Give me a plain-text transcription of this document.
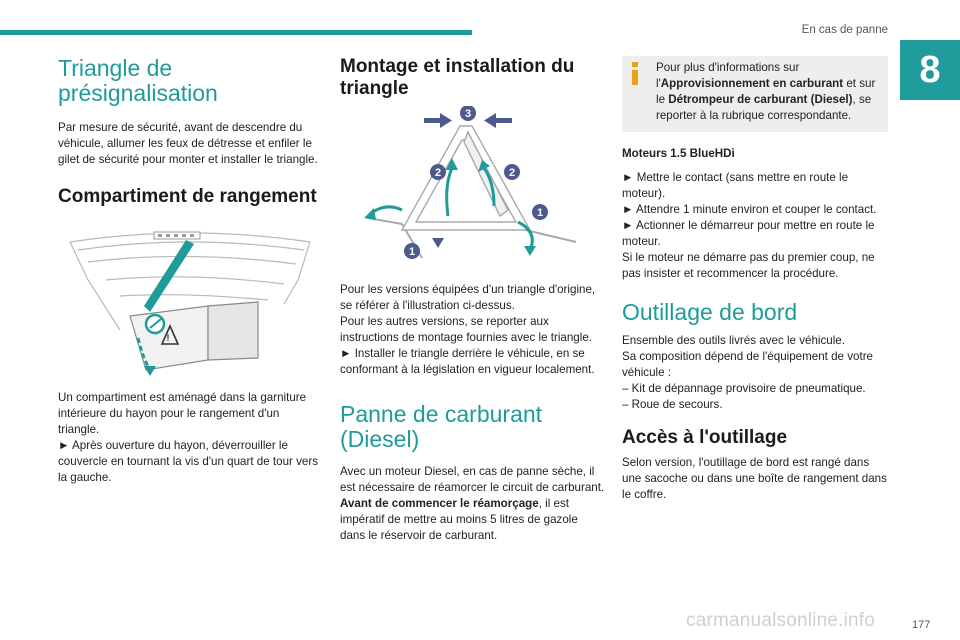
En cas de panne
8
Triangle de présignalisation

Par mesure de sécurité, avant de descendre du véhicule, allumer les feux de détresse et enfiler le gilet de sécurité pour monter et installer le triangle.

Compartiment de rangement
!

Un compartiment est aménagé dans la garniture intérieure du hayon pour le rangement d'un triangle.

► Après ouverture du hayon, déverrouiller le couvercle en tournant la vis d'un quart de tour vers la gauche.

Montage et installation du triangle
3
2	2
1
1

Pour les versions équipées d'un triangle d'origine, se référer à l'illustration ci-dessus.

Pour les autres versions, se reporter aux instructions de montage fournies avec le triangle.

► Installer le triangle derrière le véhicule, en se conformant à la législation en vigueur localement.

Panne de carburant (Diesel)

Avec un moteur Diesel, en cas de panne sèche, il est nécessaire de réamorcer le circuit de carburant.

Avant de commencer le réamorçage, il est impératif de mettre au moins 5 litres de gazole dans le réservoir de carburant.

Pour plus d'informations sur l'Approvisionnement en carburant et sur le Détrompeur de carburant (Diesel), se reporter à la rubrique correspondante.

Moteurs 1.5 BlueHDi

► Mettre le contact (sans mettre en route le moteur).

► Attendre 1 minute environ et couper le contact.

► Actionner le démarreur pour mettre en route le moteur.

Si le moteur ne démarre pas du premier coup, ne pas insister et recommencer la procédure.

Outillage de bord

Ensemble des outils livrés avec le véhicule.

Sa composition dépend de l'équipement de votre véhicule :

– Kit de dépannage provisoire de pneumatique.

– Roue de secours.

Accès à l'outillage

Selon version, l'outillage de bord est rangé dans une sacoche ou dans une boîte de rangement dans le coffre.

carmanualsonline.info	177
